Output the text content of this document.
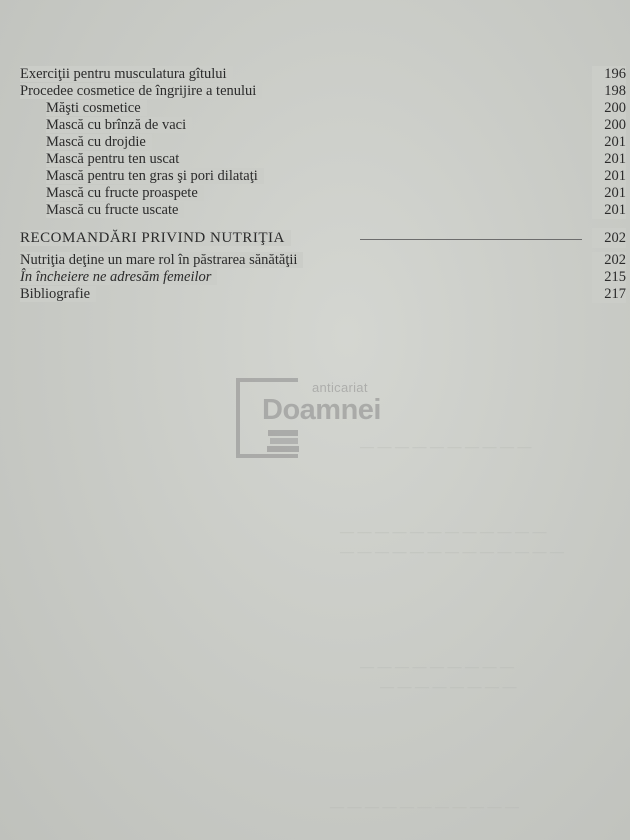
Exerciţii pentru musculatura gîtului	196
Procedee cosmetice de îngrijire a tenului	198
Măşti cosmetice	200
Mască cu brînză de vaci	200
Mască cu drojdie	201
Mască pentru ten uscat	201
Mască pentru ten gras şi pori dilataţi	201
Mască cu fructe proaspete	201
Mască cu fructe uscate	201
RECOMANDĂRI PRIVIND NUTRIŢIA	202
Nutriţia deţine un mare rol în păstrarea sănătăţii	202
În încheiere ne adresăm femeilor	215
Bibliografie	217
anticariat
Doamnei
— — — — — — — — — —
— — — — — — — — — — — —
— — — — — — — — — — — — —
— — — — — — — — —
— — — — — — — —
— — — — — — — — — — —
